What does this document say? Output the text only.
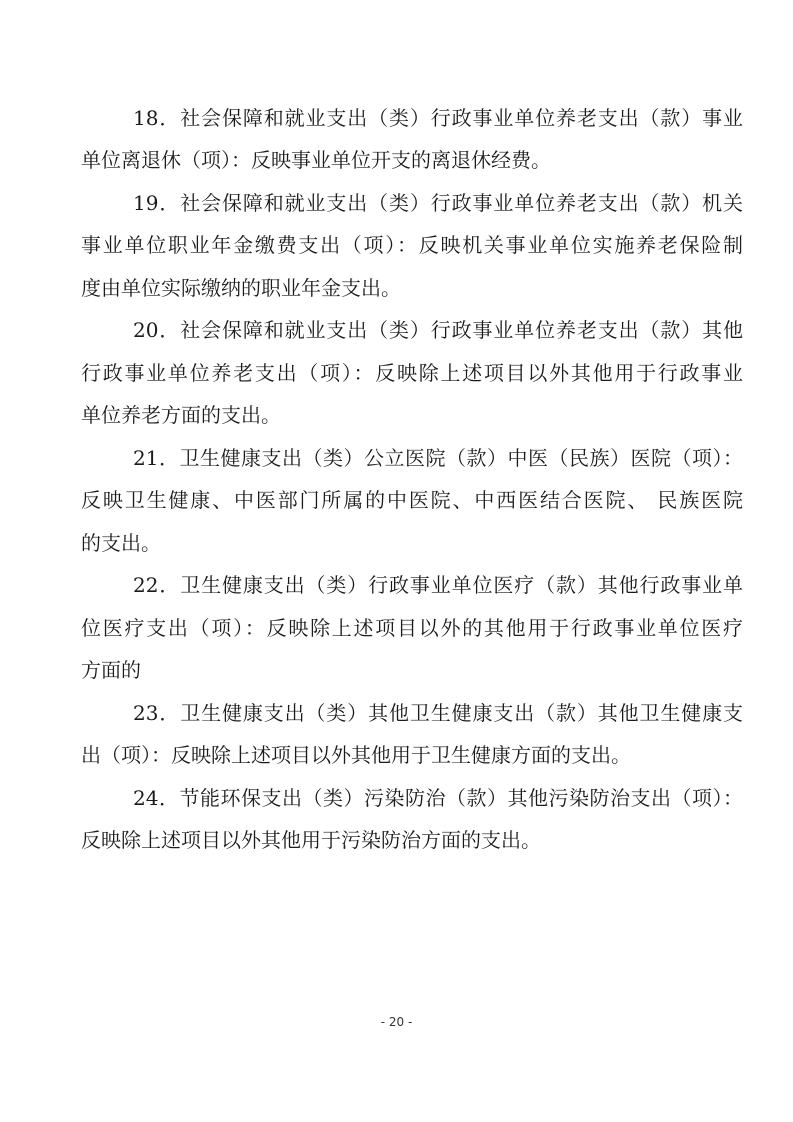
18．社会保障和就业支出（类）行政事业单位养老支出（款）事业

单位离退休（项）：反映事业单位开支的离退休经费。

19．社会保障和就业支出（类）行政事业单位养老支出（款）机关

事业单位职业年金缴费支出（项）：反映机关事业单位实施养老保险制

度由单位实际缴纳的职业年金支出。

20．社会保障和就业支出（类）行政事业单位养老支出（款）其他

行政事业单位养老支出（项）：反映除上述项目以外其他用于行政事业

单位养老方面的支出。

21．卫生健康支出（类）公立医院（款）中医（民族）医院（项）：

反映卫生健康、中医部门所属的中医院、中西医结合医院、 民族医院

的支出。

22．卫生健康支出（类）行政事业单位医疗（款）其他行政事业单

位医疗支出（项）：反映除上述项目以外的其他用于行政事业单位医疗

方面的

23．卫生健康支出（类）其他卫生健康支出（款）其他卫生健康支

出（项）：反映除上述项目以外其他用于卫生健康方面的支出。

24．节能环保支出（类）污染防治（款）其他污染防治支出（项）：

反映除上述项目以外其他用于污染防治方面的支出。

- 20 -
